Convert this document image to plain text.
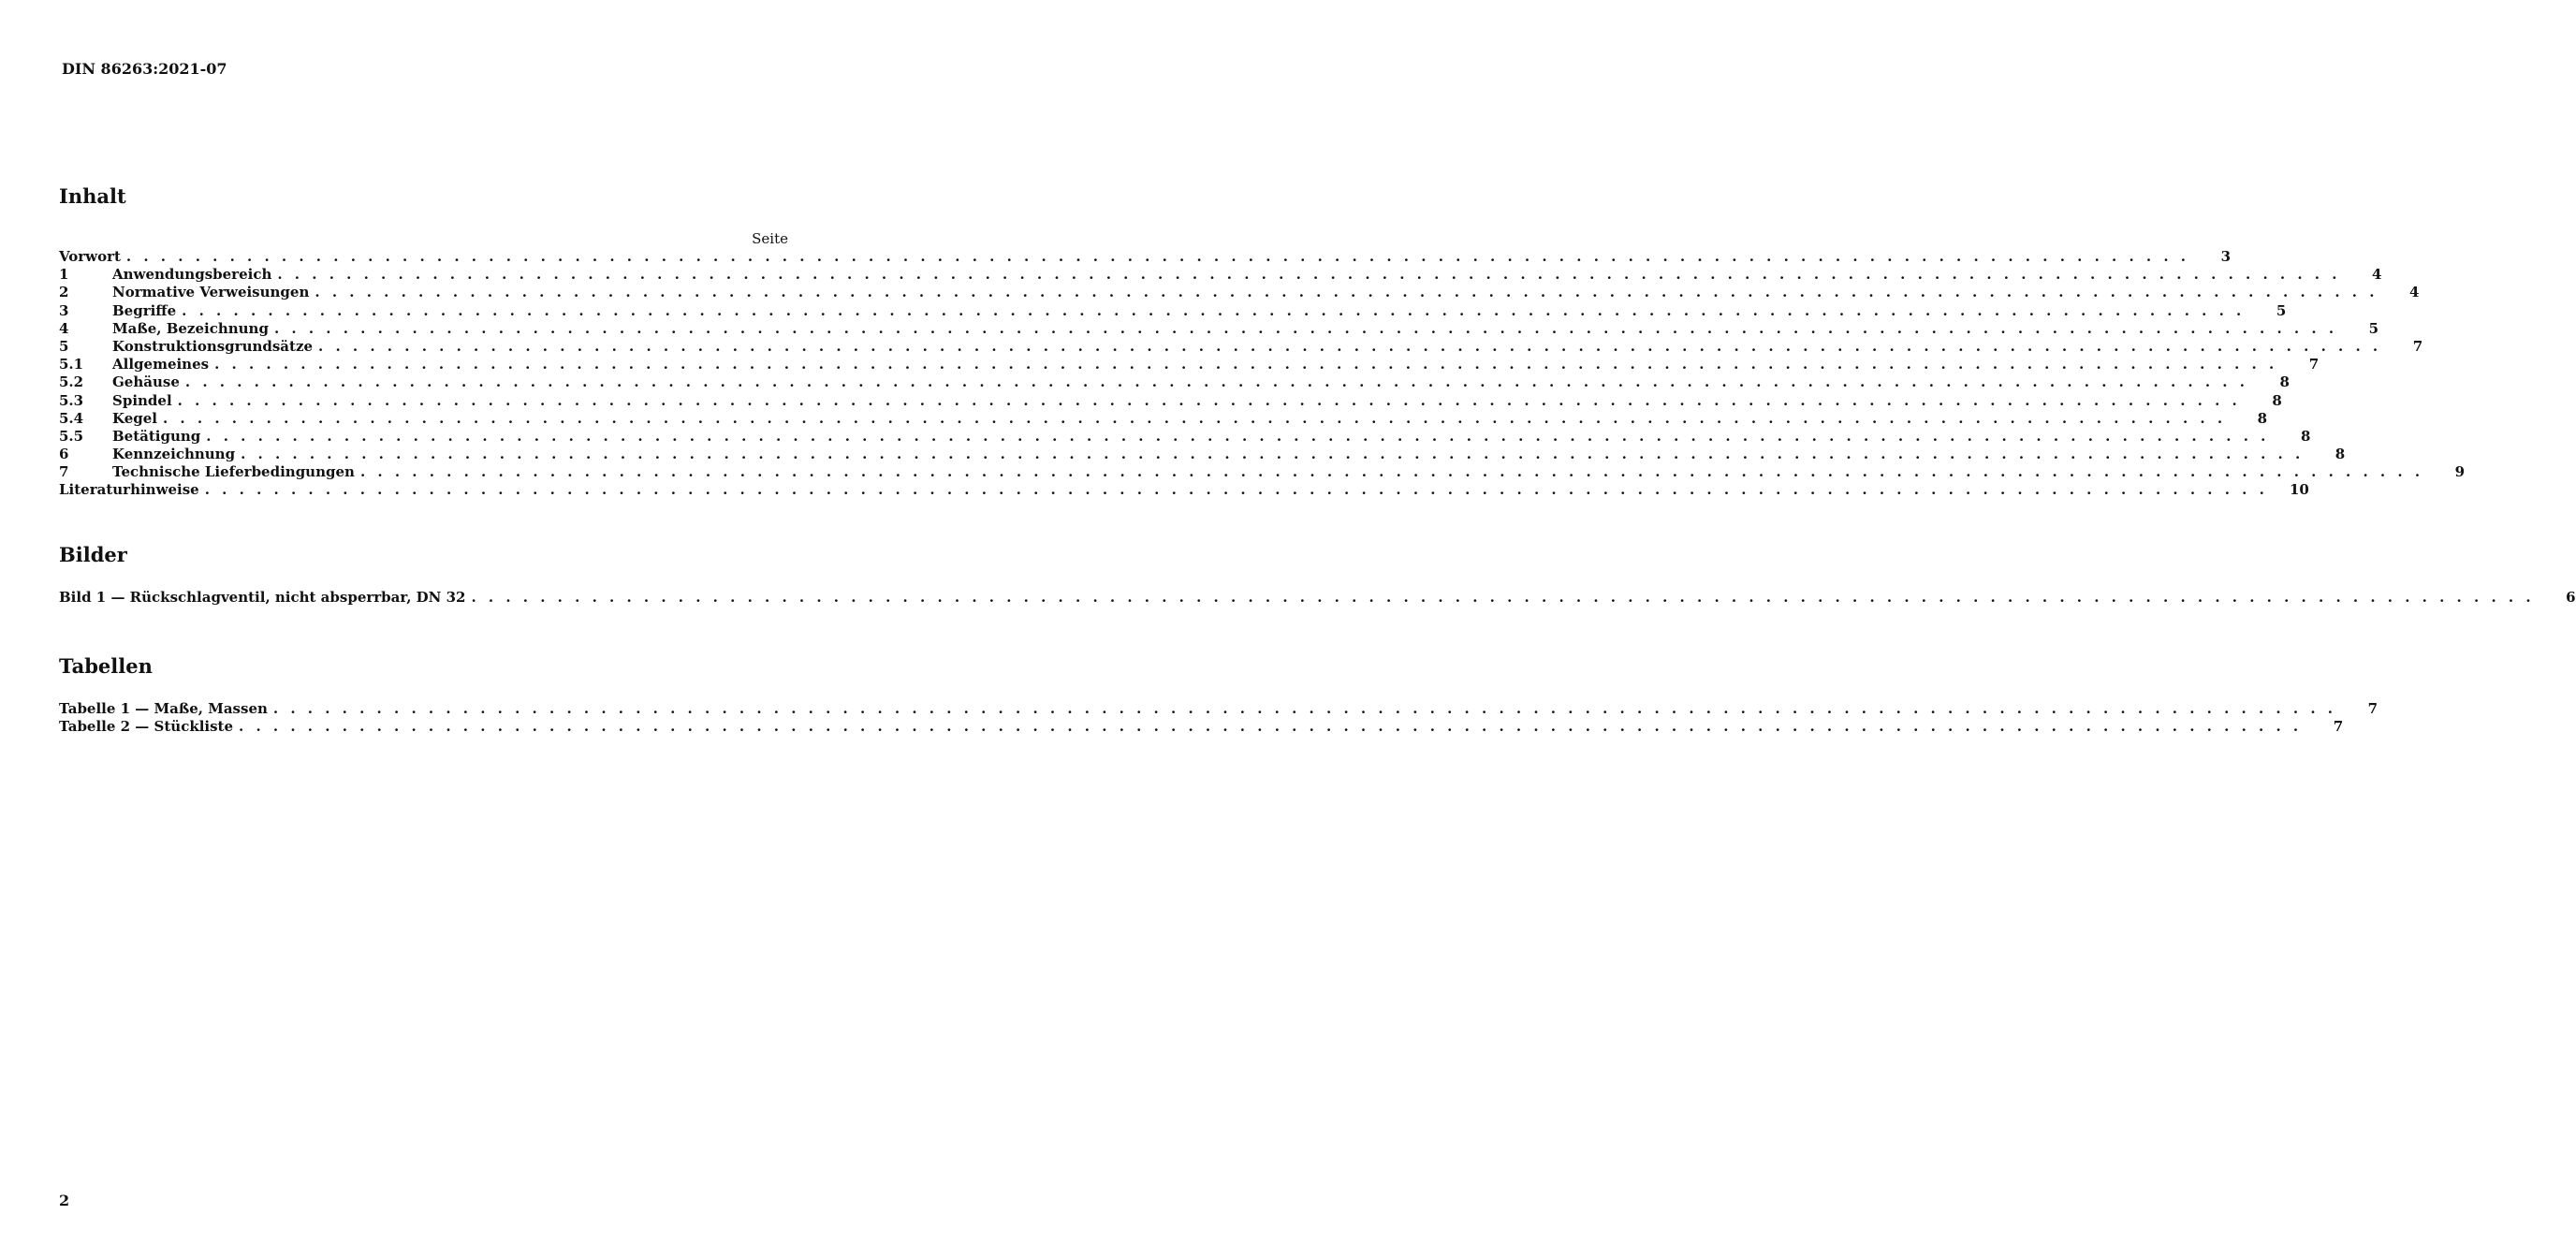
DIN 86263:2021-07
Inhalt
Seite
Vorwort . . . . . . . . . . . . . . . . . . . . . . . . . . . . . . . . . . . . . . . . . . . . . . . . . . . . . . . . . . . . . . . . . . . . . . . . . . . . . . . . . . . . . . . . . . . . . . . . . . . . . . . . . . . . . . . . . . . . . . . .	3
1	Anwendungsbereich . . . . . . . . . . . . . . . . . . . . . . . . . . . . . . . . . . . . . . . . . . . . . . . . . . . . . . . . . . . . . . . . . . . . . . . . . . . . . . . . . . . . . . . . . . . . . . . . . . . . . . . . . . . . . . . . . . . . . . . .	4
2	Normative Verweisungen . . . . . . . . . . . . . . . . . . . . . . . . . . . . . . . . . . . . . . . . . . . . . . . . . . . . . . . . . . . . . . . . . . . . . . . . . . . . . . . . . . . . . . . . . . . . . . . . . . . . . . . . . . . . . . . . . . . . . . . .	4
3	Begriffe . . . . . . . . . . . . . . . . . . . . . . . . . . . . . . . . . . . . . . . . . . . . . . . . . . . . . . . . . . . . . . . . . . . . . . . . . . . . . . . . . . . . . . . . . . . . . . . . . . . . . . . . . . . . . . . . . . . . . . . .	5
4	Maße, Bezeichnung . . . . . . . . . . . . . . . . . . . . . . . . . . . . . . . . . . . . . . . . . . . . . . . . . . . . . . . . . . . . . . . . . . . . . . . . . . . . . . . . . . . . . . . . . . . . . . . . . . . . . . . . . . . . . . . . . . . . . . . .	5
5	Konstruktionsgrundsätze . . . . . . . . . . . . . . . . . . . . . . . . . . . . . . . . . . . . . . . . . . . . . . . . . . . . . . . . . . . . . . . . . . . . . . . . . . . . . . . . . . . . . . . . . . . . . . . . . . . . . . . . . . . . . . . . . . . . . . . .	7
5.1	Allgemeines . . . . . . . . . . . . . . . . . . . . . . . . . . . . . . . . . . . . . . . . . . . . . . . . . . . . . . . . . . . . . . . . . . . . . . . . . . . . . . . . . . . . . . . . . . . . . . . . . . . . . . . . . . . . . . . . . . . . . . . .	7
5.2	Gehäuse . . . . . . . . . . . . . . . . . . . . . . . . . . . . . . . . . . . . . . . . . . . . . . . . . . . . . . . . . . . . . . . . . . . . . . . . . . . . . . . . . . . . . . . . . . . . . . . . . . . . . . . . . . . . . . . . . . . . . . . .	8
5.3	Spindel . . . . . . . . . . . . . . . . . . . . . . . . . . . . . . . . . . . . . . . . . . . . . . . . . . . . . . . . . . . . . . . . . . . . . . . . . . . . . . . . . . . . . . . . . . . . . . . . . . . . . . . . . . . . . . . . . . . . . . . .	8
5.4	Kegel . . . . . . . . . . . . . . . . . . . . . . . . . . . . . . . . . . . . . . . . . . . . . . . . . . . . . . . . . . . . . . . . . . . . . . . . . . . . . . . . . . . . . . . . . . . . . . . . . . . . . . . . . . . . . . . . . . . . . . . .	8
5.5	Betätigung . . . . . . . . . . . . . . . . . . . . . . . . . . . . . . . . . . . . . . . . . . . . . . . . . . . . . . . . . . . . . . . . . . . . . . . . . . . . . . . . . . . . . . . . . . . . . . . . . . . . . . . . . . . . . . . . . . . . . . . .	8
6	Kennzeichnung . . . . . . . . . . . . . . . . . . . . . . . . . . . . . . . . . . . . . . . . . . . . . . . . . . . . . . . . . . . . . . . . . . . . . . . . . . . . . . . . . . . . . . . . . . . . . . . . . . . . . . . . . . . . . . . . . . . . . . . .	8
7	Technische Lieferbedingungen . . . . . . . . . . . . . . . . . . . . . . . . . . . . . . . . . . . . . . . . . . . . . . . . . . . . . . . . . . . . . . . . . . . . . . . . . . . . . . . . . . . . . . . . . . . . . . . . . . . . . . . . . . . . . . . . . . . . . . . .	9
Literaturhinweise . . . . . . . . . . . . . . . . . . . . . . . . . . . . . . . . . . . . . . . . . . . . . . . . . . . . . . . . . . . . . . . . . . . . . . . . . . . . . . . . . . . . . . . . . . . . . . . . . . . . . . . . . . . . . . . . . . . . . . . .	10
Bilder
Bild 1 — Rückschlagventil, nicht absperrbar, DN 32 . . . . . . . . . . . . . . . . . . . . . . . . . . . . . . . . . . . . . . . . . . . . . . . . . . . . . . . . . . . . . . . . . . . . . . . . . . . . . . . . . . . . . . . . . . . . . . . . . . . . . . . . . . . . . . . . . . . . . . . .	6
Tabellen
Tabelle 1 — Maße, Massen . . . . . . . . . . . . . . . . . . . . . . . . . . . . . . . . . . . . . . . . . . . . . . . . . . . . . . . . . . . . . . . . . . . . . . . . . . . . . . . . . . . . . . . . . . . . . . . . . . . . . . . . . . . . . . . . . . . . . . . .	7
Tabelle 2 — Stückliste . . . . . . . . . . . . . . . . . . . . . . . . . . . . . . . . . . . . . . . . . . . . . . . . . . . . . . . . . . . . . . . . . . . . . . . . . . . . . . . . . . . . . . . . . . . . . . . . . . . . . . . . . . . . . . . . . . . . . . . .	7
2
